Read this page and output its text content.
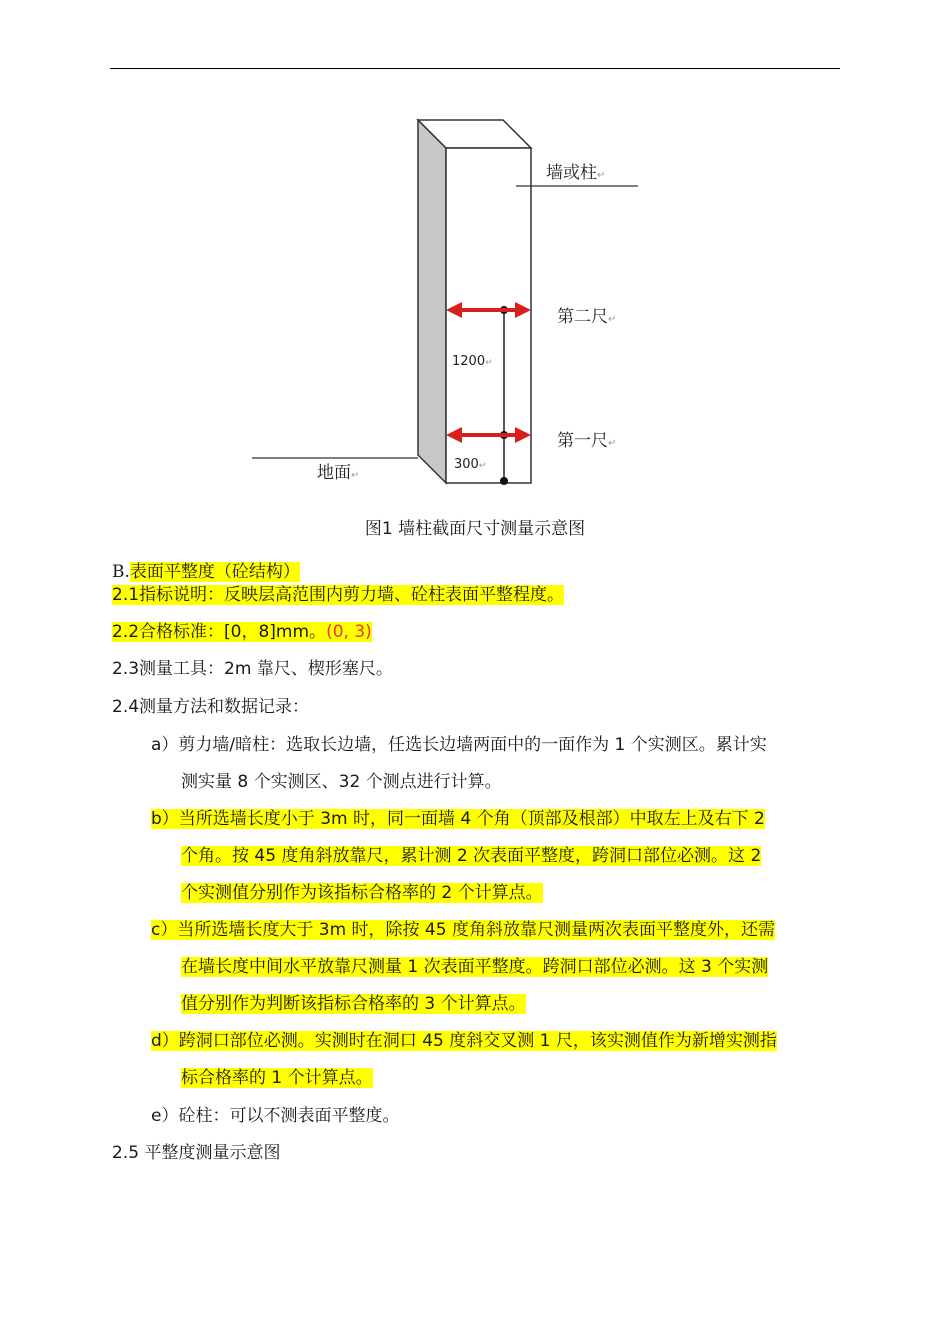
墙或柱↵
第二尺↵
第一尺↵
地面↵
1200↵
300↵
图1 墙柱截面尺寸测量示意图
B.表面平整度（砼结构）
2.1指标说明：反映层高范围内剪力墙、砼柱表面平整程度。
2.2合格标准：[0，8]mm。(0, 3)
2.3测量工具：2m 靠尺、楔形塞尺。
2.4测量方法和数据记录：
a）剪力墙/暗柱：选取长边墙，任选长边墙两面中的一面作为 1 个实测区。累计实
测实量 8 个实测区、32 个测点进行计算。
b）当所选墙长度小于 3m 时，同一面墙 4 个角（顶部及根部）中取左上及右下 2
个角。按 45 度角斜放靠尺，累计测 2 次表面平整度，跨洞口部位必测。这 2
个实测值分别作为该指标合格率的 2 个计算点。
c）当所选墙长度大于 3m 时，除按 45 度角斜放靠尺测量两次表面平整度外，还需
在墙长度中间水平放靠尺测量 1 次表面平整度。跨洞口部位必测。这 3 个实测
值分别作为判断该指标合格率的 3 个计算点。
d）跨洞口部位必测。实测时在洞口 45 度斜交叉测 1 尺，该实测值作为新增实测指
标合格率的 1 个计算点。
e）砼柱：可以不测表面平整度。
2.5 平整度测量示意图
